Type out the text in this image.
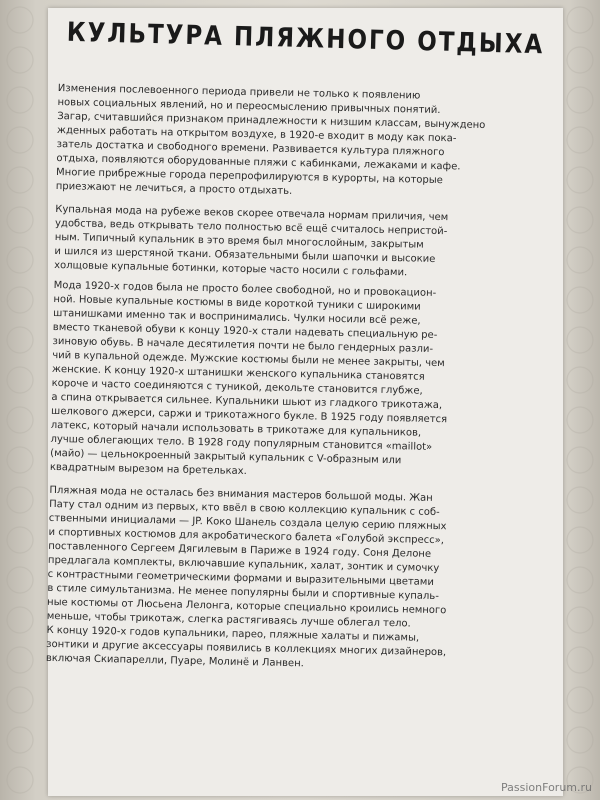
КУЛЬТУРА ПЛЯЖНОГО ОТДЫХА

Изменения послевоенного периода привели не только к появлению
новых социальных явлений, но и переосмыслению привычных понятий.
Загар, считавшийся признаком принадлежности к низшим классам, вынуждено
жденных работать на открытом воздухе, в 1920-е входит в моду как пока-
затель достатка и свободного времени. Развивается культура пляжного
отдыха, появляются оборудованные пляжи с кабинками, лежаками и кафе.
Многие прибрежные города перепрофилируются в курорты, на которые
приезжают не лечиться, а просто отдыхать.

Купальная мода на рубеже веков скорее отвечала нормам приличия, чем
удобства, ведь открывать тело полностью всё ещё считалось непристой-
ным. Типичный купальник в это время был многослойным, закрытым
и шился из шерстяной ткани. Обязательными были шапочки и высокие
холщовые купальные ботинки, которые часто носили с гольфами.

Мода 1920-х годов была не просто более свободной, но и провокацион-
ной. Новые купальные костюмы в виде короткой туники с широкими
штанишками именно так и воспринимались. Чулки носили всё реже,
вместо тканевой обуви к концу 1920-х стали надевать специальную ре-
зиновую обувь. В начале десятилетия почти не было гендерных разли-
чий в купальной одежде. Мужские костюмы были не менее закрыты, чем
женские. К концу 1920-х штанишки женского купальника становятся
короче и часто соединяются с туникой, декольте становится глубже,
а спина открывается сильнее. Купальники шьют из гладкого трикотажа,
шелкового джерси, саржи и трикотажного букле. В 1925 году появляется
латекс, который начали использовать в трикотаже для купальников,
лучше облегающих тело. В 1928 году популярным становится «maillot»
(майо) — цельнокроенный закрытый купальник с V-образным или
квадратным вырезом на бретельках.

Пляжная мода не осталась без внимания мастеров большой моды. Жан
Пату стал одним из первых, кто ввёл в свою коллекцию купальник с соб-
ственными инициалами — JP. Коко Шанель создала целую серию пляжных
и спортивных костюмов для акробатического балета «Голубой экспресс»,
поставленного Сергеем Дягилевым в Париже в 1924 году. Соня Делоне
предлагала комплекты, включавшие купальник, халат, зонтик и сумочку
с контрастными геометрическими формами и выразительными цветами
в стиле симультанизма. Не менее популярны были и спортивные купаль-
ные костюмы от Люсьена Лелонга, которые специально кроились немного
меньше, чтобы трикотаж, слегка растягиваясь лучше облегал тело.
К концу 1920-х годов купальники, парео, пляжные халаты и пижамы,
зонтики и другие аксессуары появились в коллекциях многих дизайнеров,
включая Скиапарелли, Пуаре, Молинё и Ланвен.

PassionForum.ru
